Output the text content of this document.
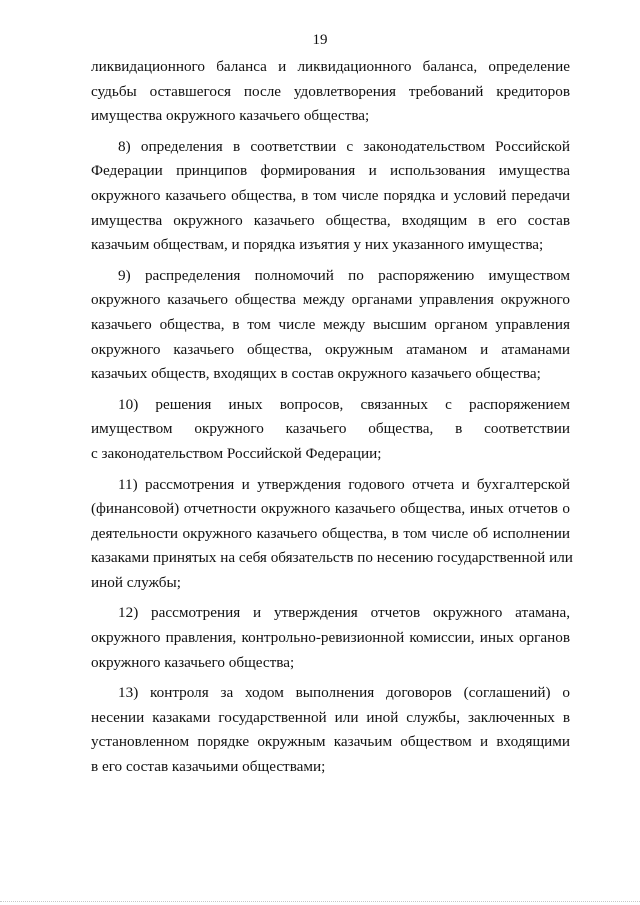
19
ликвидационного баланса и ликвидационного баланса, определение
судьбы оставшегося после удовлетворения требований кредиторов
имущества окружного казачьего общества;
8) определения в соответствии с законодательством Российской
Федерации принципов формирования и использования имущества
окружного казачьего общества, в том числе порядка и условий передачи
имущества окружного казачьего общества, входящим в его состав
казачьим обществам, и порядка изъятия у них указанного имущества;
9) распределения полномочий по распоряжению имуществом
окружного казачьего общества между органами управления окружного
казачьего общества, в том числе между высшим органом управления
окружного казачьего общества, окружным атаманом и атаманами
казачьих обществ, входящих в состав окружного казачьего общества;
10) решения иных вопросов, связанных с распоряжением
имуществом окружного казачьего общества, в соответствии
с законодательством Российской Федерации;
11) рассмотрения и утверждения годового отчета и бухгалтерской
(финансовой) отчетности окружного казачьего общества, иных отчетов о
деятельности окружного казачьего общества, в том числе об исполнении
казаками принятых на себя обязательств по несению государственной или
иной службы;
12) рассмотрения и утверждения отчетов окружного атамана,
окружного правления, контрольно-ревизионной комиссии, иных органов
окружного казачьего общества;
13) контроля за ходом выполнения договоров (соглашений) о
несении казаками государственной или иной службы, заключенных в
установленном порядке окружным казачьим обществом и входящими
в его состав казачьими обществами;
